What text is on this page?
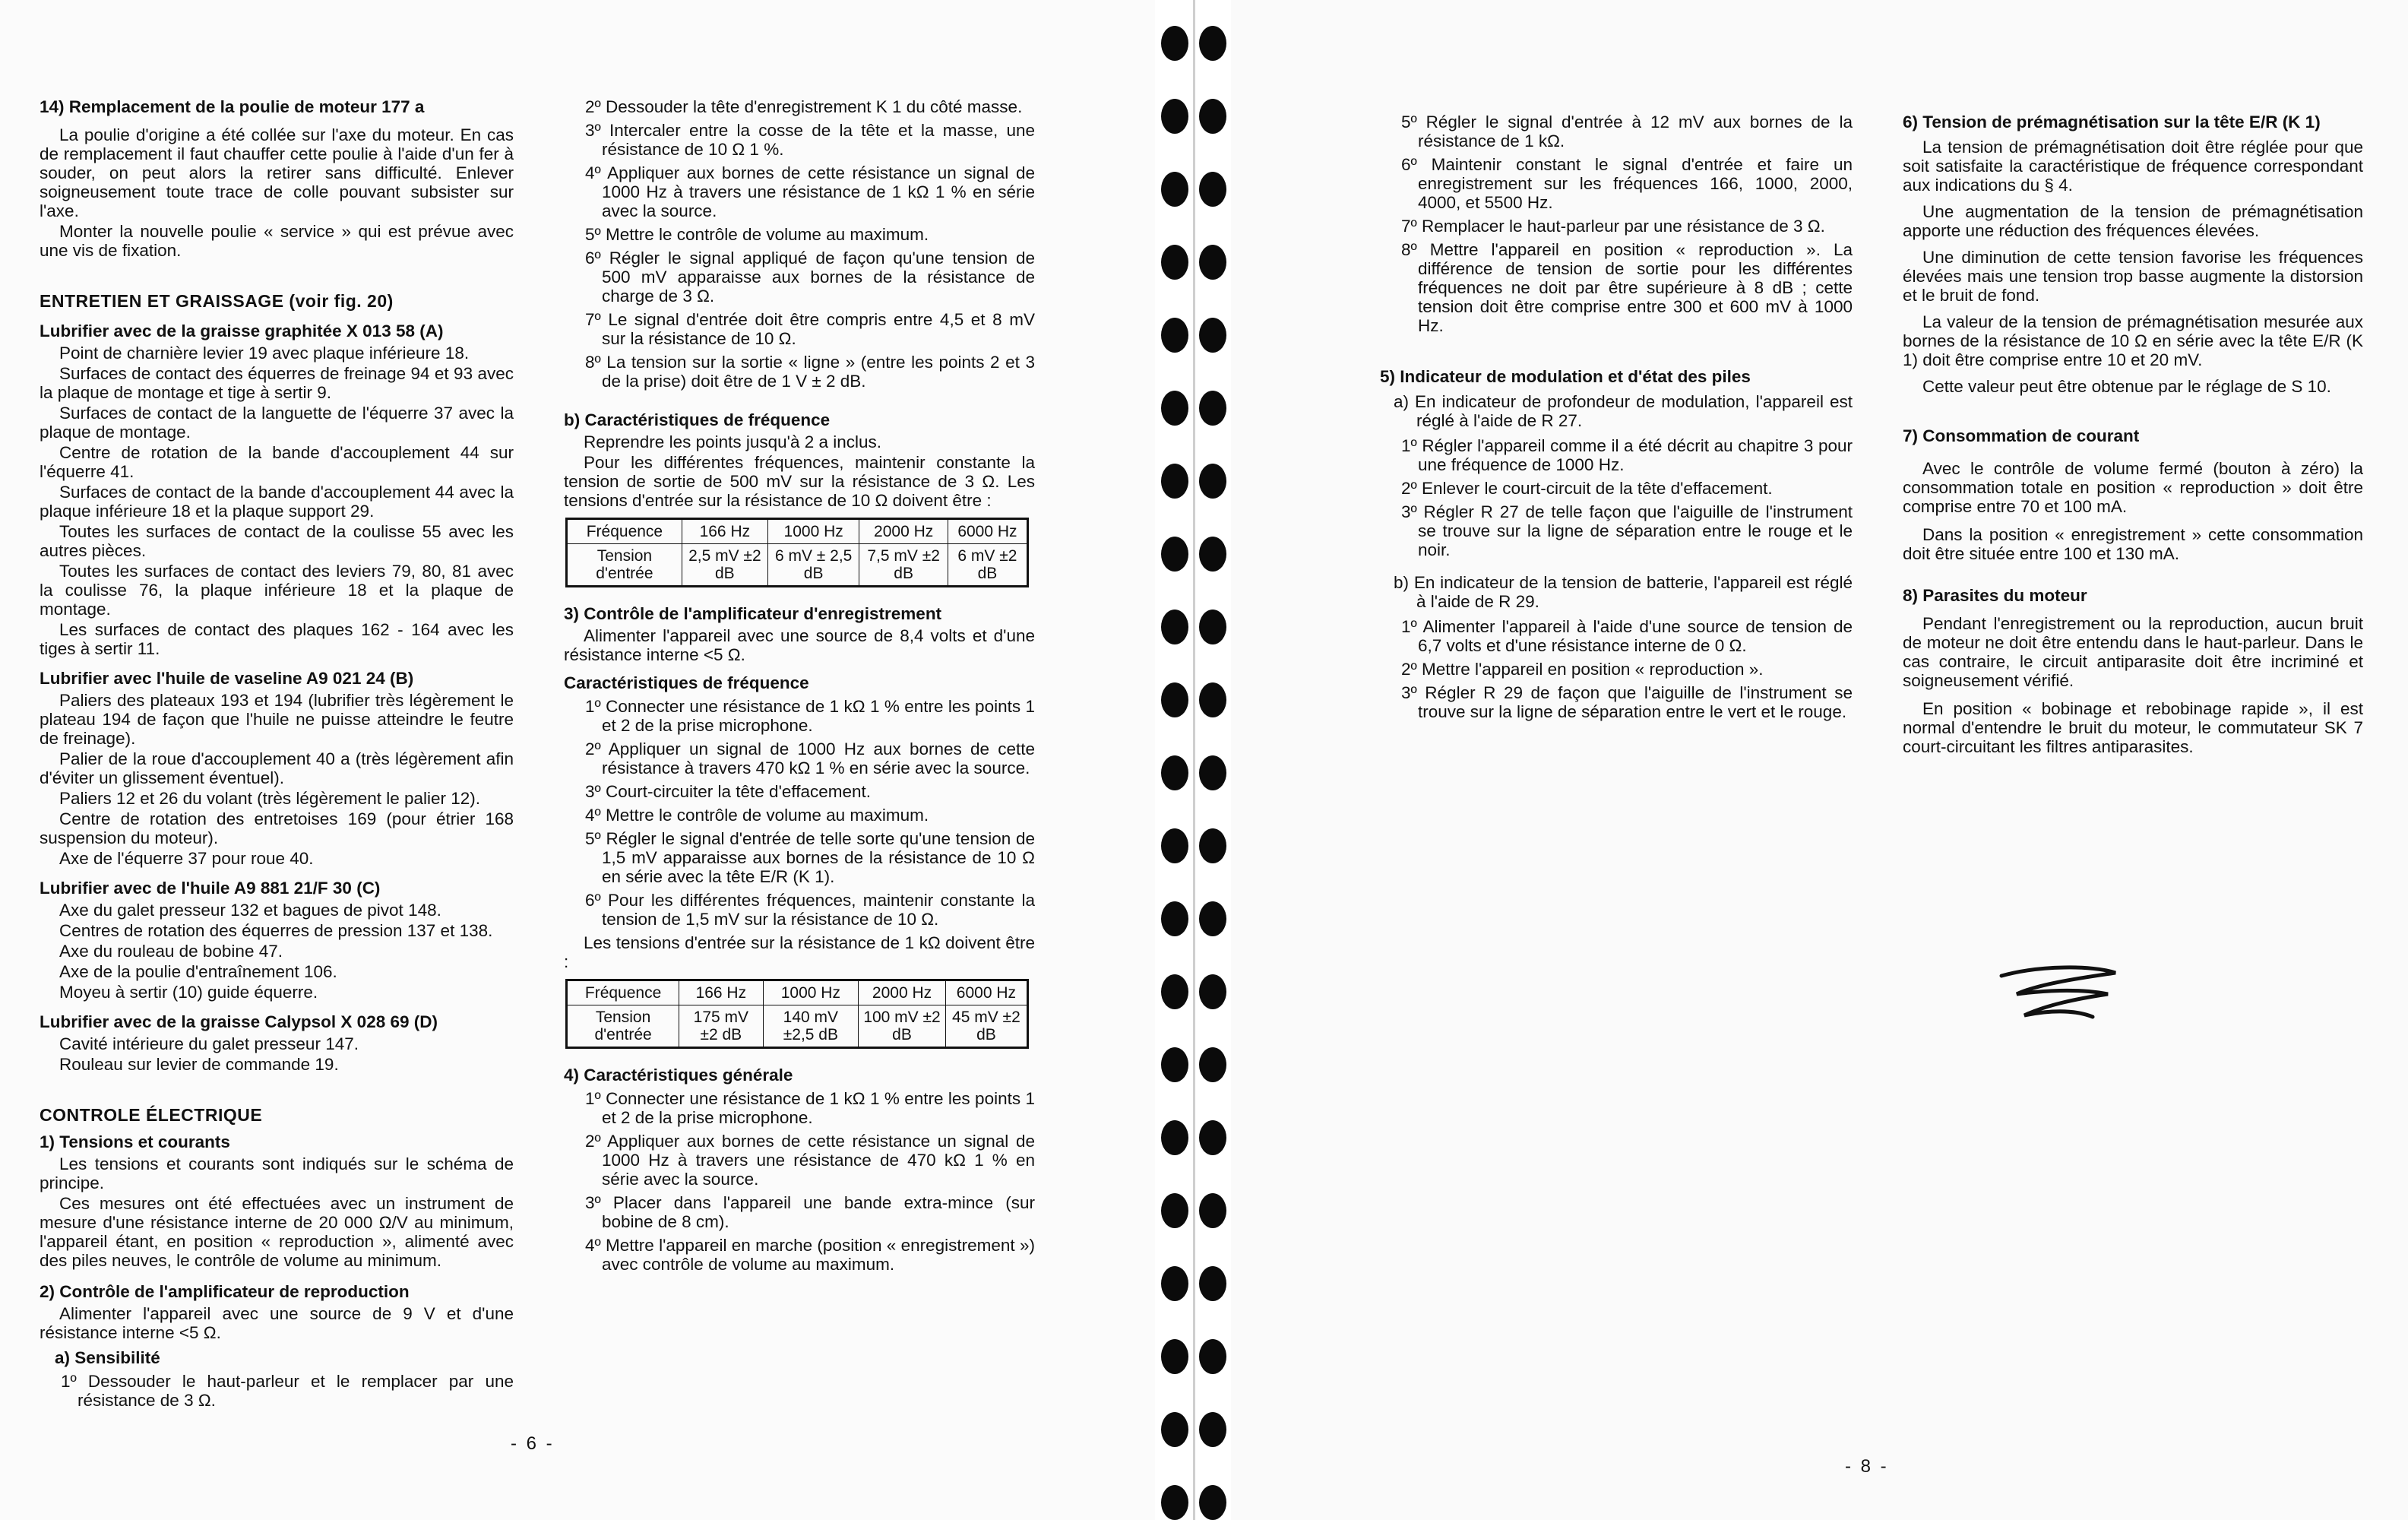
14) Remplacement de la poulie de moteur 177 a

La poulie d'origine a été collée sur l'axe du moteur. En cas de remplacement il faut chauffer cette poulie à l'aide d'un fer à souder, on peut alors la retirer sans difficulté. Enlever soigneusement toute trace de colle pouvant subsister sur l'axe.

Monter la nouvelle poulie « service » qui est prévue avec une vis de fixation.

ENTRETIEN ET GRAISSAGE (voir fig. 20)

Lubrifier avec de la graisse graphitée X 013 58 (A)

Point de charnière levier 19 avec plaque inférieure 18.

Surfaces de contact des équerres de freinage 94 et 93 avec la plaque de montage et tige à sertir 9.

Surfaces de contact de la languette de l'équerre 37 avec la plaque de montage.

Centre de rotation de la bande d'accouplement 44 sur l'équerre 41.

Surfaces de contact de la bande d'accouplement 44 avec la plaque inférieure 18 et la plaque support 29.

Toutes les surfaces de contact de la coulisse 55 avec les autres pièces.

Toutes les surfaces de contact des leviers 79, 80, 81 avec la coulisse 76, la plaque inférieure 18 et la plaque de montage.

Les surfaces de contact des plaques 162 - 164 avec les tiges à sertir 11.

Lubrifier avec l'huile de vaseline A9 021 24 (B)

Paliers des plateaux 193 et 194 (lubrifier très légèrement le plateau 194 de façon que l'huile ne puisse atteindre le feutre de freinage).

Palier de la roue d'accouplement 40 a (très légèrement afin d'éviter un glissement éventuel).

Paliers 12 et 26 du volant (très légèrement le palier 12).

Centre de rotation des entretoises 169 (pour étrier 168 suspension du moteur).

Axe de l'équerre 37 pour roue 40.

Lubrifier avec de l'huile A9 881 21/F 30 (C)

Axe du galet presseur 132 et bagues de pivot 148.

Centres de rotation des équerres de pression 137 et 138.

Axe du rouleau de bobine 47.

Axe de la poulie d'entraînement 106.

Moyeu à sertir (10) guide équerre.

Lubrifier avec de la graisse Calypsol X 028 69 (D)

Cavité intérieure du galet presseur 147.

Rouleau sur levier de commande 19.

CONTROLE ÉLECTRIQUE

1) Tensions et courants

Les tensions et courants sont indiqués sur le schéma de principe.

Ces mesures ont été effectuées avec un instrument de mesure d'une résistance interne de 20 000 Ω/V au minimum, l'appareil étant, en position « reproduction », alimenté avec des piles neuves, le contrôle de volume au minimum.

2) Contrôle de l'amplificateur de reproduction

Alimenter l'appareil avec une source de 9 V et d'une résistance interne <5 Ω.

a) Sensibilité

1º Dessouder le haut-parleur et le remplacer par une résistance de 3 Ω.

2º Dessouder la tête d'enregistrement K 1 du côté masse.

3º Intercaler entre la cosse de la tête et la masse, une résistance de 10 Ω 1 %.

4º Appliquer aux bornes de cette résistance un signal de 1000 Hz à travers une résistance de 1 kΩ 1 % en série avec la source.

5º Mettre le contrôle de volume au maximum.

6º Régler le signal appliqué de façon qu'une tension de 500 mV apparaisse aux bornes de la résistance de charge de 3 Ω.

7º Le signal d'entrée doit être compris entre 4,5 et 8 mV sur la résistance de 10 Ω.

8º La tension sur la sortie « ligne » (entre les points 2 et 3 de la prise) doit être de 1 V ± 2 dB.

b) Caractéristiques de fréquence

Reprendre les points jusqu'à 2 a inclus.

Pour les différentes fréquences, maintenir constante la tension de sortie de 500 mV sur la résistance de 3 Ω. Les tensions d'entrée sur la résistance de 10 Ω doivent être :

Fréquence	166 Hz	1000 Hz	2000 Hz	6000 Hz
Tension d'entrée	2,5 mV ±2 dB	6 mV ± 2,5 dB	7,5 mV ±2 dB	6 mV ±2 dB

3) Contrôle de l'amplificateur d'enregistrement

Alimenter l'appareil avec une source de 8,4 volts et d'une résistance interne <5 Ω.

Caractéristiques de fréquence

1º Connecter une résistance de 1 kΩ 1 % entre les points 1 et 2 de la prise microphone.

2º Appliquer un signal de 1000 Hz aux bornes de cette résistance à travers 470 kΩ 1 % en série avec la source.

3º Court-circuiter la tête d'effacement.

4º Mettre le contrôle de volume au maximum.

5º Régler le signal d'entrée de telle sorte qu'une tension de 1,5 mV apparaisse aux bornes de la résistance de 10 Ω en série avec la tête E/R (K 1).

6º Pour les différentes fréquences, maintenir constante la tension de 1,5 mV sur la résistance de 10 Ω.

Les tensions d'entrée sur la résistance de 1 kΩ doivent être :

Fréquence	166 Hz	1000 Hz	2000 Hz	6000 Hz
Tension d'entrée	175 mV ±2 dB	140 mV ±2,5 dB	100 mV ±2 dB	45 mV ±2 dB

4) Caractéristiques générale

1º Connecter une résistance de 1 kΩ 1 % entre les points 1 et 2 de la prise microphone.

2º Appliquer aux bornes de cette résistance un signal de 1000 Hz à travers une résistance de 470 kΩ 1 % en série avec la source.

3º Placer dans l'appareil une bande extra-mince (sur bobine de 8 cm).

4º Mettre l'appareil en marche (position « enregistrement ») avec contrôle de volume au maximum.

- 6 -

5º Régler le signal d'entrée à 12 mV aux bornes de la résistance de 1 kΩ.

6º Maintenir constant le signal d'entrée et faire un enregistrement sur les fréquences 166, 1000, 2000, 4000, et 5500 Hz.

7º Remplacer le haut-parleur par une résistance de 3 Ω.

8º Mettre l'appareil en position « reproduction ». La différence de tension de sortie pour les différentes fréquences ne doit par être supérieure à 8 dB ; cette tension doit être comprise entre 300 et 600 mV à 1000 Hz.

5) Indicateur de modulation et d'état des piles

a) En indicateur de profondeur de modulation, l'appareil est réglé à l'aide de R 27.

1º Régler l'appareil comme il a été décrit au chapitre 3 pour une fréquence de 1000 Hz.

2º Enlever le court-circuit de la tête d'effacement.

3º Régler R 27 de telle façon que l'aiguille de l'instrument se trouve sur la ligne de séparation entre le rouge et le noir.

b) En indicateur de la tension de batterie, l'appareil est réglé à l'aide de R 29.

1º Alimenter l'appareil à l'aide d'une source de tension de 6,7 volts et d'une résistance interne de 0 Ω.

2º Mettre l'appareil en position « reproduction ».

3º Régler R 29 de façon que l'aiguille de l'instrument se trouve sur la ligne de séparation entre le vert et le rouge.

6) Tension de prémagnétisation sur la tête E/R (K 1)

La tension de prémagnétisation doit être réglée pour que soit satisfaite la caractéristique de fréquence correspondant aux indications du § 4.

Une augmentation de la tension de prémagnétisation apporte une réduction des fréquences élevées.

Une diminution de cette tension favorise les fréquences élevées mais une tension trop basse augmente la distorsion et le bruit de fond.

La valeur de la tension de prémagnétisation mesurée aux bornes de la résistance de 10 Ω en série avec la tête E/R (K 1) doit être comprise entre 10 et 20 mV.

Cette valeur peut être obtenue par le réglage de S 10.

7) Consommation de courant

Avec le contrôle de volume fermé (bouton à zéro) la consommation totale en position « reproduction » doit être comprise entre 70 et 100 mA.

Dans la position « enregistrement » cette consommation doit être située entre 100 et 130 mA.

8) Parasites du moteur

Pendant l'enregistrement ou la reproduction, aucun bruit de moteur ne doit être entendu dans le haut-parleur. Dans le cas contraire, le circuit antiparasite doit être incriminé et soigneusement vérifié.

En position « bobinage et rebobinage rapide », il est normal d'entendre le bruit du moteur, le commutateur SK 7 court-circuitant les filtres antiparasites.

- 8 -
